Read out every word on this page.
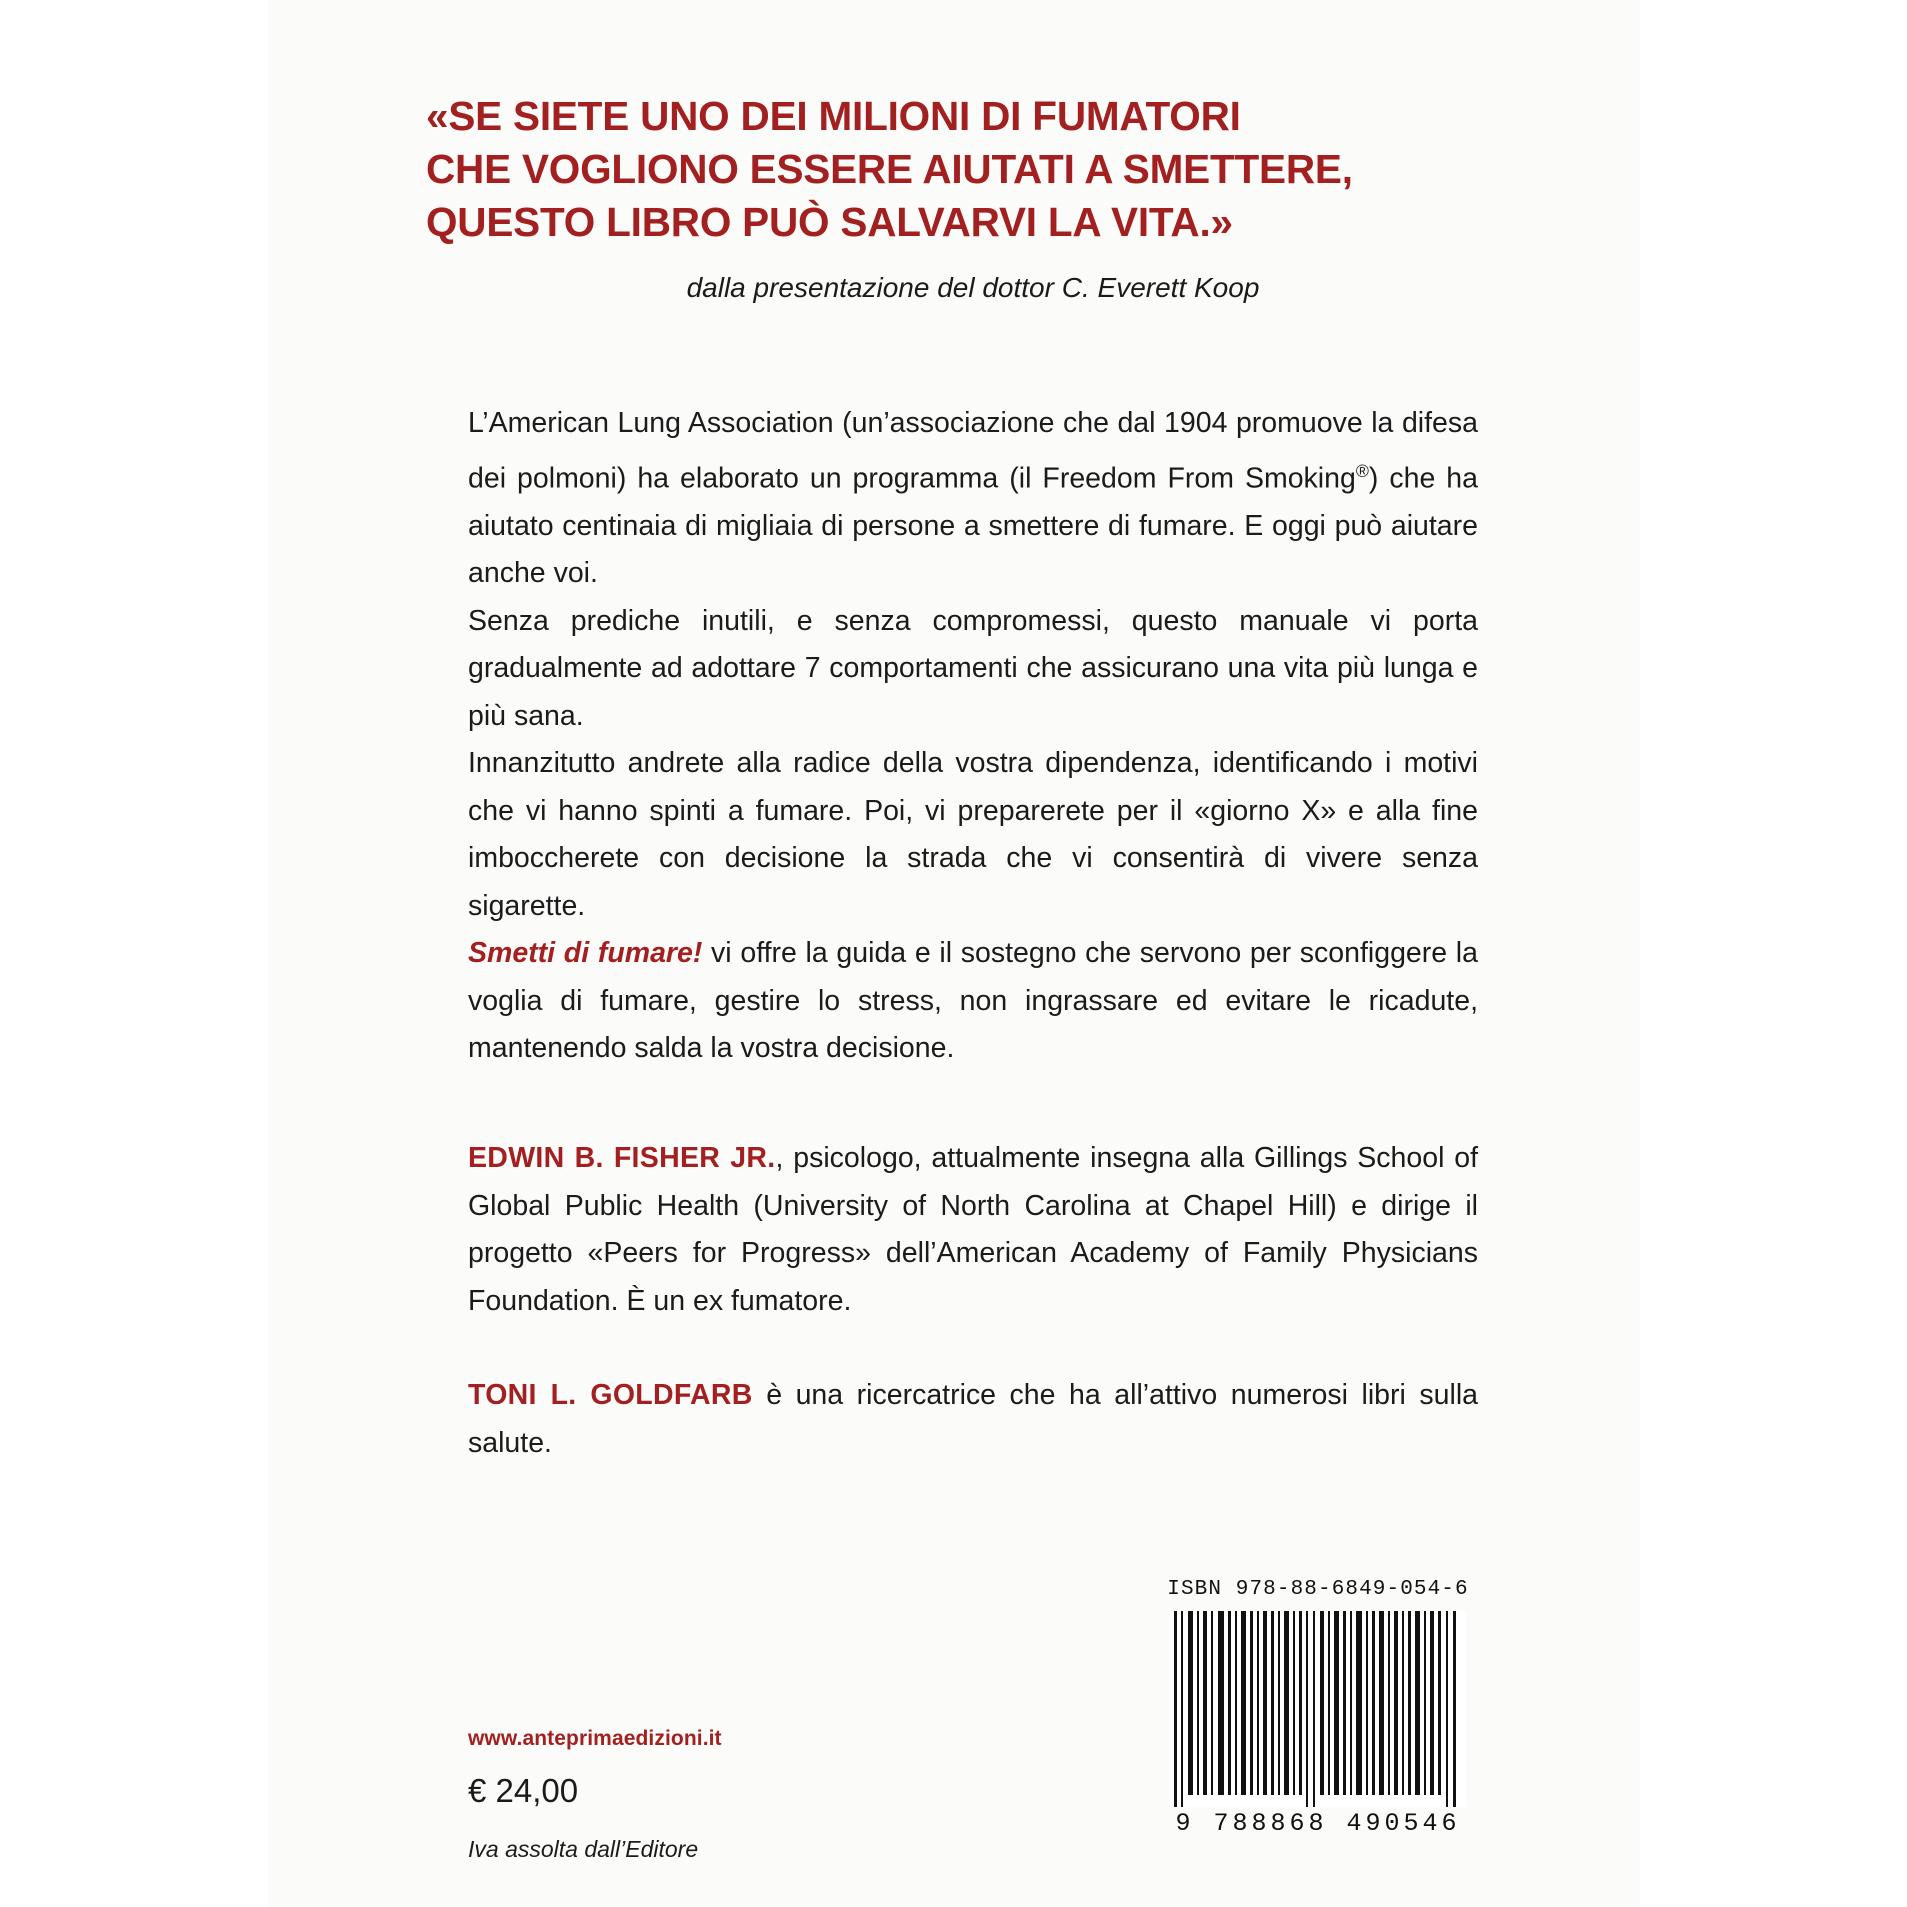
«SE SIETE UNO DEI MILIONI DI FUMATORI
CHE VOGLIONO ESSERE AIUTATI A SMETTERE,
QUESTO LIBRO PUÒ SALVARVI LA VITA.»
dalla presentazione del dottor C. Everett Koop

L’American Lung Association (un’associazione che dal 1904 promuove la difesa dei polmoni) ha elaborato un programma (il Freedom From Smoking®) che ha aiutato centinaia di migliaia di persone a smettere di fumare. E oggi può aiutare anche voi.

Senza prediche inutili, e senza compromessi, questo manuale vi porta gradualmente ad adottare 7 comportamenti che assicurano una vita più lunga e più sana.

Innanzitutto andrete alla radice della vostra dipendenza, identificando i motivi che vi hanno spinti a fumare. Poi, vi preparerete per il «giorno X» e alla fine imboccherete con decisione la strada che vi consentirà di vivere senza sigarette.

Smetti di fumare! vi offre la guida e il sostegno che servono per sconfiggere la voglia di fumare, gestire lo stress, non ingrassare ed evitare le ricadute, mantenendo salda la vostra decisione.

EDWIN B. FISHER JR., psicologo, attualmente insegna alla Gillings School of Global Public Health (University of North Carolina at Chapel Hill) e dirige il progetto «Peers for Progress» dell’American Academy of Family Physicians Foundation. È un ex fumatore.

TONI L. GOLDFARB è una ricercatrice che ha all’attivo numerosi libri sulla salute.

www.anteprimaedizioni.it
€ 24,00
Iva assolta dall’Editore
ISBN 978-88-6849-054-6
9 788868 490546
